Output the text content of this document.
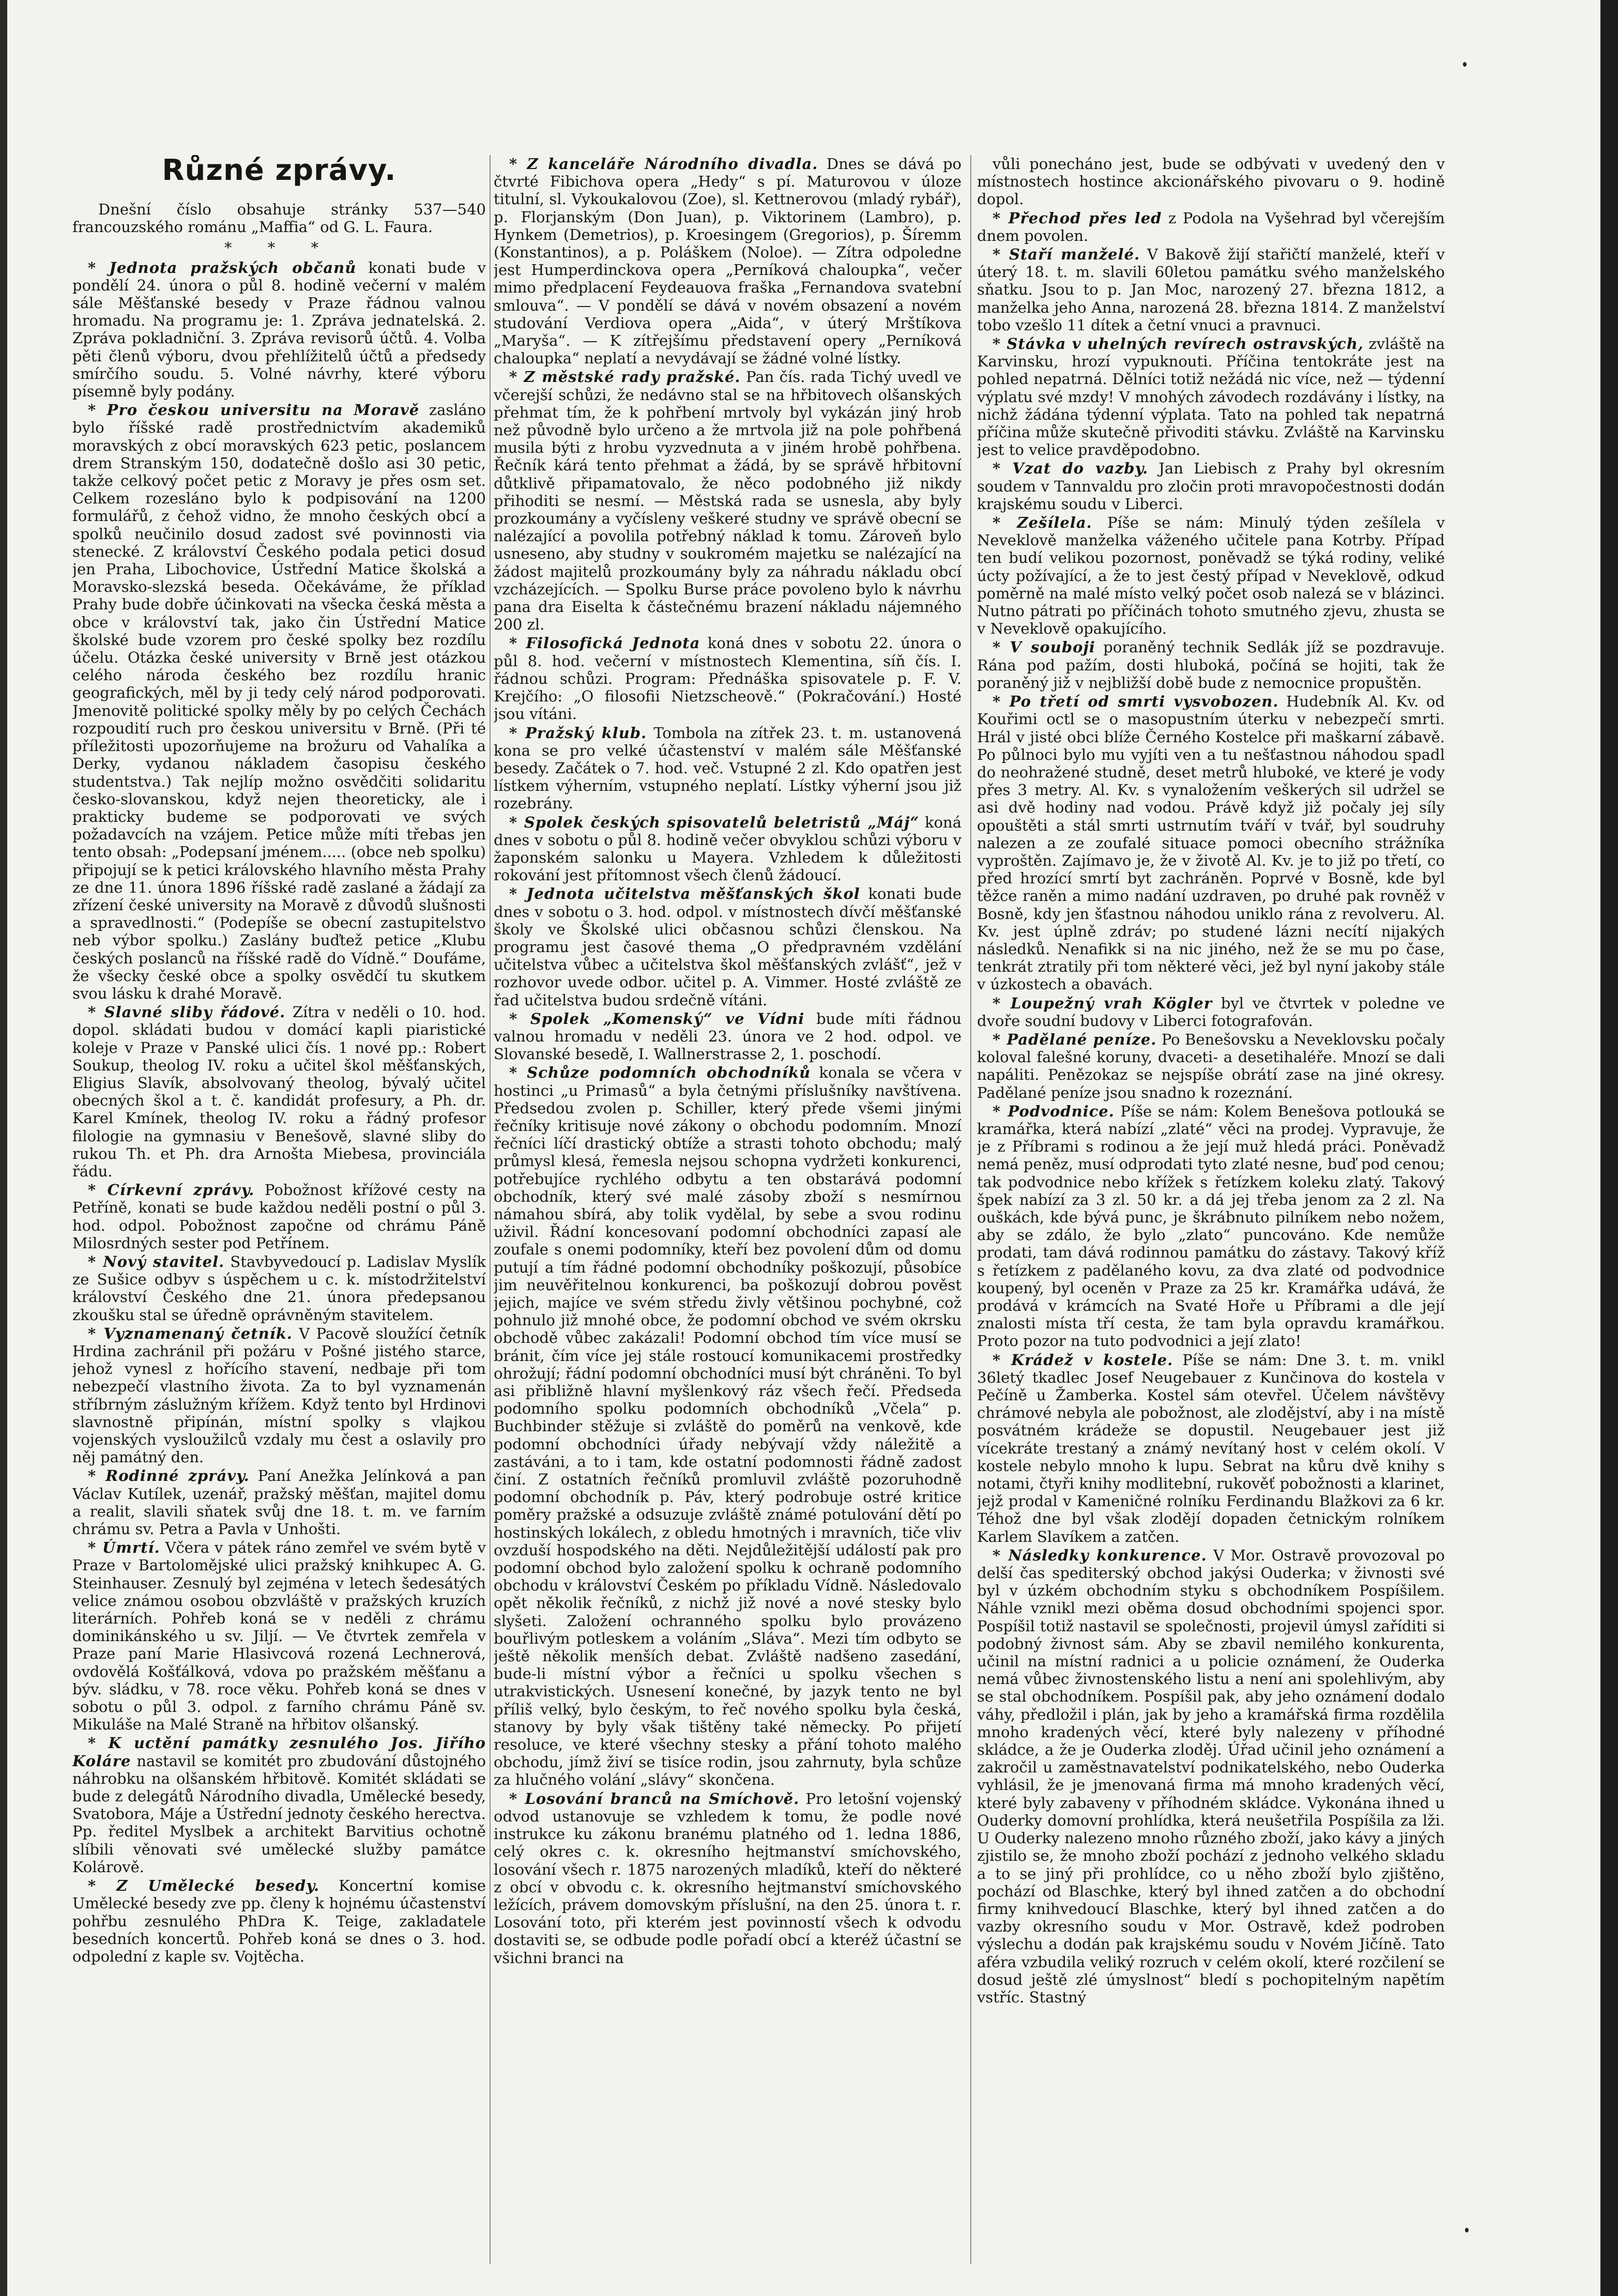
Různé zprávy.

Dnešní číslo obsahuje stránky 537—540 francouzského románu „Maffia“ od G. L. Faura.

* * *

* Jednota pražských občanů konati bude v pondělí 24. února o půl 8. hodině večerní v malém sále Měšťanské besedy v Praze řádnou valnou hromadu. Na programu je: 1. Zpráva jednatelská. 2. Zpráva pokladniční. 3. Zpráva revisorů účtů. 4. Volba pěti členů výboru, dvou přehlížitelů účtů a předsedy smírčího soudu. 5. Volné návrhy, které výboru písemně byly podány.

* Pro českou universitu na Moravě zasláno bylo říšské radě prostřednictvím akademiků moravských z obcí moravských 623 petic, poslancem drem Stranským 150, dodatečně došlo asi 30 petic, takže celkový počet petic z Moravy je přes osm set. Celkem rozesláno bylo k podpisování na 1200 formulářů, z čehož vidno, že mnoho českých obcí a spolků neučinilo dosud zadost své povinnosti via stenecké. Z království Českého podala petici dosud jen Praha, Libochovice, Ústřední Matice školská a Moravsko-slezská beseda. Očekáváme, že příklad Prahy bude dobře účinkovati na všecka česká města a obce v království tak, jako čin Ústřední Matice školské bude vzorem pro české spolky bez rozdílu účelu. Otázka české university v Brně jest otázkou celého národa českého bez rozdílu hranic geografických, měl by ji tedy celý národ podporovati. Jmenovitě politické spolky měly by po celých Čechách rozpoudití ruch pro českou universitu v Brně. (Při té příležitosti upozorňujeme na brožuru od Vahalíka a Derky, vydanou nákladem časopisu českého studentstva.) Tak nejlíp možno osvědčiti solidaritu česko-slovanskou, když nejen theoreticky, ale i prakticky budeme se podporovati ve svých požadavcích na vzájem. Petice může míti třebas jen tento obsah: „Podepsaní jménem..... (obce neb spolku) připojují se k petici královského hlavního města Prahy ze dne 11. února 1896 říšské radě zaslané a žádají za zřízení české university na Moravě z důvodů slušnosti a spravedlnosti.“ (Podepíše se obecní zastupitelstvo neb výbor spolku.) Zaslány buďtež petice „Klubu českých poslanců na říšské radě do Vídně.“ Doufáme, že všecky české obce a spolky osvědčí tu skutkem svou lásku k drahé Moravě.

* Slavné sliby řádové. Zítra v neděli o 10. hod. dopol. skládati budou v domácí kapli piaristické koleje v Praze v Panské ulici čís. 1 nové pp.: Robert Soukup, theolog IV. roku a učitel škol měšťanských, Eligius Slavík, absolvovaný theolog, bývalý učitel obecných škol a t. č. kandidát profesury, a Ph. dr. Karel Kmínek, theolog IV. roku a řádný profesor filologie na gymnasiu v Benešově, slavné sliby do rukou Th. et Ph. dra Arnošta Miebesa, provinciála řádu.

* Církevní zprávy. Pobožnost křížové cesty na Petříně, konati se bude každou neděli postní o půl 3. hod. odpol. Pobožnost započne od chrámu Páně Milosrdných sester pod Petřínem.

* Nový stavitel. Stavbyvedoucí p. Ladislav Myslík ze Sušice odbyv s úspěchem u c. k. místodržitelství království Českého dne 21. února předepsanou zkoušku stal se úředně oprávněným stavitelem.

* Vyznamenaný četník. V Pacově sloužící četník Hrdina zachránil při požáru v Pošné jistého starce, jehož vynesl z hořícího stavení, nedbaje při tom nebezpečí vlastního života. Za to byl vyznamenán stříbrným záslužným křížem. Když tento byl Hrdinovi slavnostně připínán, místní spolky s vlajkou vojenských vysloužilců vzdaly mu čest a oslavily pro něj památný den.

* Rodinné zprávy. Paní Anežka Jelínková a pan Václav Kutílek, uzenář, pražský měšťan, majitel domu a realit, slavili sňatek svůj dne 18. t. m. ve farním chrámu sv. Petra a Pavla v Unhošti.

* Úmrtí. Včera v pátek ráno zemřel ve svém bytě v Praze v Bartolomějské ulici pražský knihkupec A. G. Steinhauser. Zesnulý byl zejména v letech šedesátých velice známou osobou obzvláště v pražských kruzích literárních. Pohřeb koná se v neděli z chrámu dominikánského u sv. Jiljí. — Ve čtvrtek zemřela v Praze paní Marie Hlasivcová rozená Lechnerová, ovdovělá Košťálková, vdova po pražském měšťanu a býv. sládku, v 78. roce věku. Pohřeb koná se dnes v sobotu o půl 3. odpol. z farního chrámu Páně sv. Mikuláše na Malé Straně na hřbitov olšanský.

* K uctění památky zesnulého Jos. Jiřího Koláre nastavil se komitét pro zbudování důstojného náhrobku na olšanském hřbitově. Komitét skládati se bude z delegátů Národního divadla, Umělecké besedy, Svatobora, Máje a Ústřední jednoty českého herectva. Pp. ředitel Myslbek a architekt Barvitius ochotně slíbili věnovati své umělecké služby památce Kolárově.

* Z Umělecké besedy. Koncertní komise Umělecké besedy zve pp. členy k hojnému účastenství pohřbu zesnulého PhDra K. Teige, zakladatele besedních koncertů. Pohřeb koná se dnes o 3. hod. odpolední z kaple sv. Vojtěcha.

* Z kanceláře Národního divadla. Dnes se dává po čtvrté Fibichova opera „Hedy“ s pí. Maturovou v úloze titulní, sl. Vykoukalovou (Zoe), sl. Kettnerovou (mladý rybář), p. Florjanským (Don Juan), p. Viktorinem (Lambro), p. Hynkem (Demetrios), p. Kroesingem (Gregorios), p. Šíremm (Konstantinos), a p. Poláškem (Noloe). — Zítra odpoledne jest Humperdinckova opera „Perníková chaloupka“, večer mimo předplacení Feydeauova fraška „Fernandova svatební smlouva“. — V pondělí se dává v novém obsazení a novém studování Verdiova opera „Aida“, v úterý Mrštíkova „Maryša“. — K zítřejšímu představení opery „Perníková chaloupka“ neplatí a nevydávají se žádné volné lístky.

* Z městské rady pražské. Pan čís. rada Tichý uvedl ve včerejší schůzi, že nedávno stal se na hřbitovech olšanských přehmat tím, že k pohřbení mrtvoly byl vykázán jiný hrob než původně bylo určeno a že mrtvola již na pole pohřbená musila býti z hrobu vyzvednuta a v jiném hrobě pohřbena. Řečník kárá tento přehmat a žádá, by se správě hřbitovní důtklivě připamatovalo, že něco podobného již nikdy přihoditi se nesmí. — Městská rada se usnesla, aby byly prozkoumány a vyčísleny veškeré studny ve správě obecní se nalézající a povolila potřebný náklad k tomu. Zároveň bylo usneseno, aby studny v soukromém majetku se nalézající na žádost majitelů prozkoumány byly za náhradu nákladu obcí vzcházejících. — Spolku Burse práce povoleno bylo k návrhu pana dra Eiselta k částečnému brazení nákladu nájemného 200 zl.

* Filosofická Jednota koná dnes v sobotu 22. února o půl 8. hod. večerní v místnostech Klementina, síň čís. I. řádnou schůzi. Program: Přednáška spisovatele p. F. V. Krejčího: „O filosofii Nietzscheově.“ (Pokračování.) Hosté jsou vítáni.

* Pražský klub. Tombola na zítřek 23. t. m. ustanovená kona se pro velké účastenství v malém sále Měšťanské besedy. Začátek o 7. hod. več. Vstupné 2 zl. Kdo opatřen jest lístkem výherním, vstupného neplatí. Lístky výherní jsou již rozebrány.

* Spolek českých spisovatelů beletristů „Máj“ koná dnes v sobotu o půl 8. hodině večer obvyklou schůzi výboru v žaponském salonku u Mayera. Vzhledem k důležitosti rokování jest přítomnost všech členů žádoucí.

* Jednota učitelstva měšťanských škol konati bude dnes v sobotu o 3. hod. odpol. v místnostech dívčí měšťanské školy ve Školské ulici občasnou schůzi členskou. Na programu jest časové thema „O předpravném vzdělání učitelstva vůbec a učitelstva škol měšťanských zvlášť“, jež v rozhovor uvede odbor. učitel p. A. Vimmer. Hosté zvláště ze řad učitelstva budou srdečně vítáni.

* Spolek „Komenský“ ve Vídni bude míti řádnou valnou hromadu v neděli 23. února ve 2 hod. odpol. ve Slovanské besedě, I. Wallnerstrasse 2, 1. poschodí.

* Schůze podomních obchodníků konala se včera v hostinci „u Primasů“ a byla četnými příslušníky navštívena. Předsedou zvolen p. Schiller, který přede všemi jinými řečníky kritisuje nové zákony o obchodu podomním. Mnozí řečníci líčí drastický obtíže a strasti tohoto obchodu; malý průmysl klesá, řemesla nejsou schopna vydržeti konkurenci, potřebujíce rychlého odbytu a ten obstarává podomní obchodník, který své malé zásoby zboží s nesmírnou námahou sbírá, aby tolik vydělal, by sebe a svou rodinu uživil. Řádní koncesovaní podomní obchodníci zapasí ale zoufale s onemi podomníky, kteří bez povolení dům od domu putují a tím řádné podomní obchodníky poškozují, působíce jim neuvěřitelnou konkurenci, ba poškozují dobrou pověst jejich, majíce ve svém středu živly většinou pochybné, což pohnulo již mnohé obce, že podomní obchod ve svém okrsku obchodě vůbec zakázali! Podomní obchod tím více musí se bránit, čím více jej stále rostoucí komunikacemi prostředky ohrožují; řádní podomní obchodníci musí být chráněni. To byl asi přibližně hlavní myšlenkový ráz všech řečí. Předseda podomního spolku podomních obchodníků „Včela“ p. Buchbinder stěžuje si zvláště do poměrů na venkově, kde podomní obchodníci úřady nebývají vždy náležitě a zastáváni, a to i tam, kde ostatní podomnosti řádně zadost činí. Z ostatních řečníků promluvil zvláště pozoruhodně podomní obchodník p. Páv, který podrobuje ostré kritice poměry pražské a odsuzuje zvláště známé potulování dětí po hostinských lokálech, z obledu hmotných i mravních, tiče vliv ovzduší hospodského na děti. Nejdůležitější událostí pak pro podomní obchod bylo založení spolku k ochraně podomního obchodu v království Českém po příkladu Vídně. Následovalo opět několik řečníků, z nichž již nové a nové stesky bylo slyšeti. Založení ochranného spolku bylo provázeno bouřlivým potleskem a voláním „Sláva“. Mezi tím odbyto se ještě několik menších debat. Zvláště nadšeno zasedání, bude-li místní výbor a řečníci u spolku všechen s utrakvistických. Usnesení konečné, by jazyk tento ne byl příliš velký, bylo českým, to řeč nového spolku byla česká, stanovy by byly však tištěny také německy. Po přijetí resoluce, ve které všechny stesky a přání tohoto malého obchodu, jímž živí se tisíce rodin, jsou zahrnuty, byla schůze za hlučného volání „slávy“ skončena.

* Losování branců na Smíchově. Pro letošní vojenský odvod ustanovuje se vzhledem k tomu, že podle nové instrukce ku zákonu branému platného od 1. ledna 1886, celý okres c. k. okresního hejtmanství smíchovského, losování všech r. 1875 narozených mladíků, kteří do některé z obcí v obvodu c. k. okresního hejtmanství smíchovského ležících, právem domovským příslušní, na den 25. února t. r. Losování toto, při kterém jest povinností všech k odvodu dostaviti se, se odbude podle pořadí obcí a kteréž účastní se všichni branci na

vůli ponecháno jest, bude se odbývati v uvedený den v místnostech hostince akcionářského pivovaru o 9. hodině dopol.

* Přechod přes led z Podola na Vyšehrad byl včerejším dnem povolen.

* Staří manželé. V Bakově žijí stařičtí manželé, kteří v úterý 18. t. m. slavili 60letou památku svého manželského sňatku. Jsou to p. Jan Moc, narozený 27. března 1812, a manželka jeho Anna, narozená 28. března 1814. Z manželství tobo vzešlo 11 dítek a četní vnuci a pravnuci.

* Stávka v uhelných revírech ostravských, zvláště na Karvinsku, hrozí vypuknouti. Příčina tentokráte jest na pohled nepatrná. Dělníci totiž nežádá nic více, než — týdenní výplatu své mzdy! V mnohých závodech rozdávány i lístky, na nichž žádána týdenní výplata. Tato na pohled tak nepatrná příčina může skutečně přivoditi stávku. Zvláště na Karvinsku jest to velice pravděpodobno.

* Vzat do vazby. Jan Liebisch z Prahy byl okresním soudem v Tannvaldu pro zločin proti mravopočestnosti dodán krajskému soudu v Liberci.

* Zešílela. Píše se nám: Minulý týden zešílela v Neveklově manželka váženého učitele pana Kotrby. Případ ten budí velikou pozornost, poněvadž se týká rodiny, veliké úcty požívající, a že to jest čestý případ v Neveklově, odkud poměrně na malé místo velký počet osob nalezá se v blázinci. Nutno pátrati po příčinách tohoto smutného zjevu, zhusta se v Neveklově opakujícího.

* V souboji poraněný technik Sedlák jíž se pozdravuje. Rána pod pažím, dosti hluboká, počíná se hojiti, tak že poraněný již v nejbližší době bude z nemocnice propuštěn.

* Po třetí od smrti vysvobozen. Hudebník Al. Kv. od Kouřimi octl se o masopustním úterku v nebezpečí smrti. Hrál v jisté obci blíže Černého Kostelce při maškarní zábavě. Po půlnoci bylo mu vyjíti ven a tu nešťastnou náhodou spadl do neohražené studně, deset metrů hluboké, ve které je vody přes 3 metry. Al. Kv. s vynaložením veškerých sil udržel se asi dvě hodiny nad vodou. Právě když již počaly jej síly opouštěti a stál smrti ustrnutím tváří v tvář, byl soudruhy nalezen a ze zoufalé situace pomoci obecního strážníka vyproštěn. Zajímavo je, že v životě Al. Kv. je to již po třetí, co před hrozící smrtí byt zachráněn. Poprvé v Bosně, kde byl těžce raněn a mimo nadání uzdraven, po druhé pak rovněž v Bosně, kdy jen šťastnou náhodou uniklo rána z revolveru. Al. Kv. jest úplně zdráv; po studené lázni necítí nijakých následků. Nenafikk si na nic jiného, než že se mu po čase, tenkrát ztratily při tom některé věci, jež byl nyní jakoby stále v úzkostech a obavách.

* Loupežný vrah Kögler byl ve čtvrtek v poledne ve dvoře soudní budovy v Liberci fotografován.

* Padělané peníze. Po Benešovsku a Neveklovsku počaly koloval falešné koruny, dvaceti- a desetihaléře. Mnozí se dali napáliti. Penězokaz se nejspíše obrátí zase na jiné okresy. Padělané peníze jsou snadno k rozeznání.

* Podvodnice. Píše se nám: Kolem Benešova potlouká se kramářka, která nabízí „zlaté“ věci na prodej. Vypravuje, že je z Příbrami s rodinou a že její muž hledá práci. Poněvadž nemá peněz, musí odprodati tyto zlaté nesne, buď pod cenou; tak podvodnice nebo křížek s řetízkem koleku zlatý. Takový špek nabízí za 3 zl. 50 kr. a dá jej třeba jenom za 2 zl. Na ouškách, kde bývá punc, je škrábnuto pilníkem nebo nožem, aby se zdálo, že bylo „zlato“ puncováno. Kde nemůže prodati, tam dává rodinnou památku do zástavy. Takový kříž s řetízkem z padělaného kovu, za dva zlaté od podvodnice koupený, byl oceněn v Praze za 25 kr. Kramářka udává, že prodává v krámcích na Svaté Hoře u Příbrami a dle její znalosti místa tří cesta, že tam byla opravdu kramářkou. Proto pozor na tuto podvodnici a její zlato!

* Krádež v kostele. Píše se nám: Dne 3. t. m. vnikl 36letý tkadlec Josef Neugebauer z Kunčinova do kostela v Pečíně u Žamberka. Kostel sám otevřel. Účelem návštěvy chrámové nebyla ale pobožnost, ale zlodějství, aby i na místě posvátném krádeže se dopustil. Neugebauer jest již vícekráte trestaný a známý nevítaný host v celém okolí. V kostele nebylo mnoho k lupu. Sebrat na kůru dvě knihy s notami, čtyři knihy modlitební, rukověť pobožnosti a klarinet, jejž prodal v Kameničné rolníku Ferdinandu Blažkovi za 6 kr. Téhož dne byl však zlodějí dopaden četnickým rolníkem Karlem Slavíkem a zatčen.

* Následky konkurence. V Mor. Ostravě provozoval po delší čas spediterský obchod jakýsi Ouderka; v živnosti své byl v úzkém obchodním styku s obchodníkem Pospíšilem. Náhle vznikl mezi oběma dosud obchodními spojenci spor. Pospíšil totiž nastavil se společnosti, projevil úmysl zaříditi si podobný živnost sám. Aby se zbavil nemilého konkurenta, učinil na místní radnici a u policie oznámení, že Ouderka nemá vůbec živnostenského listu a není ani spolehlivým, aby se stal obchodníkem. Pospíšil pak, aby jeho oznámení dodalo váhy, předložil i plán, jak by jeho a kramářská firma rozdělila mnoho kradených věcí, které byly nalezeny v příhodné skládce, a že je Ouderka zloděj. Úřad učinil jeho oznámení a zakročil u zaměstnavatelství podnikatelského, nebo Ouderka vyhlásil, že je jmenovaná firma má mnoho kradených věcí, které byly zabaveny v příhodném skládce. Vykonána ihned u Ouderky domovní prohlídka, která neušetřila Pospíšila za lži. U Ouderky nalezeno mnoho různého zboží, jako kávy a jiných zjistilo se, že mnoho zboží pochází z jednoho velkého skladu a to se jiný při prohlídce, co u něho zboží bylo zjištěno, pochází od Blaschke, který byl ihned zatčen a do obchodní firmy knihvedoucí Blaschke, který byl ihned zatčen a do vazby okresního soudu v Mor. Ostravě, kdež podroben výslechu a dodán pak krajskému soudu v Novém Jičíně. Tato aféra vzbudila veliký rozruch v celém okolí, které rozčilení se dosud ještě zlé úmyslnost“ bledí s pochopitelným napětím vstříc. Stastný
